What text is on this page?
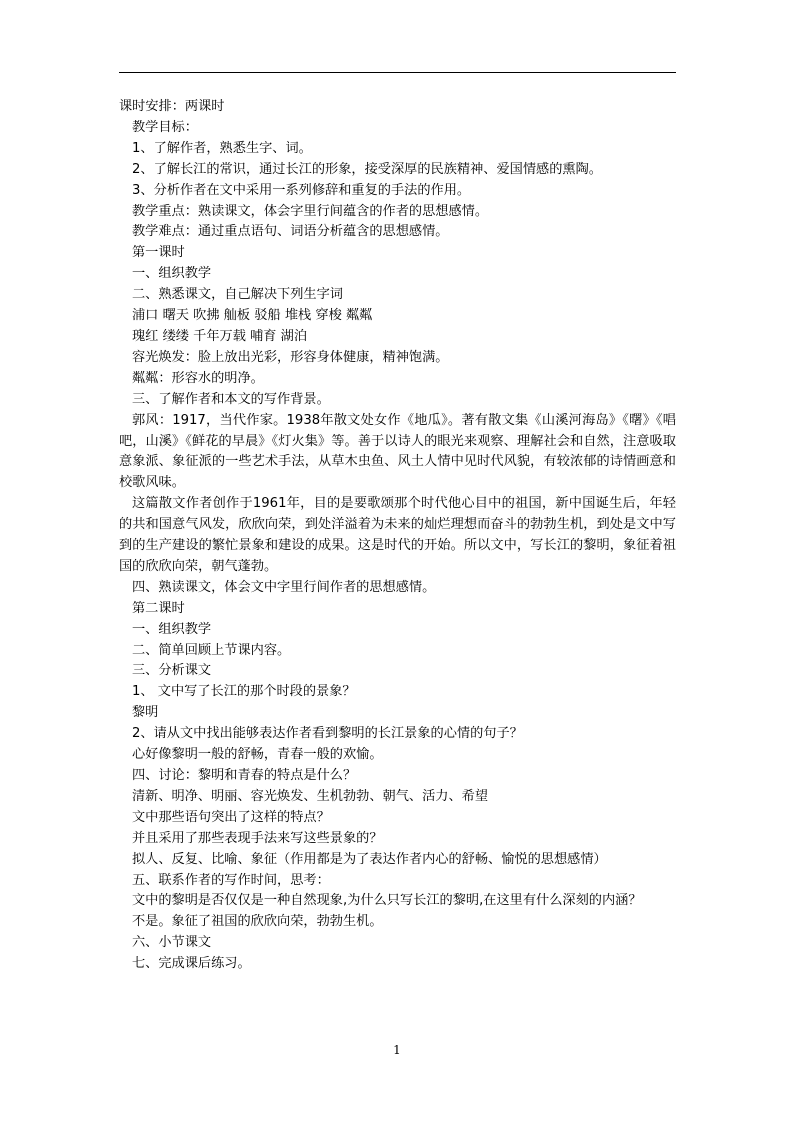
课时安排：两课时
教学目标：
1、了解作者，熟悉生字、词。
2、了解长江的常识，通过长江的形象，接受深厚的民族精神、爱国情感的熏陶。
3、分析作者在文中采用一系列修辞和重复的手法的作用。
教学重点：熟读课文，体会字里行间蕴含的作者的思想感情。
教学难点：通过重点语句、词语分析蕴含的思想感情。
第一课时
一、组织教学
二、熟悉课文，自己解决下列生字词
浦口 曙天 吹拂 舢板 驳船 堆栈 穿梭 粼粼
瑰红 缕缕 千年万载 哺育 湖泊
容光焕发：脸上放出光彩，形容身体健康，精神饱满。
粼粼：形容水的明净。
三、了解作者和本文的写作背景。
郭风：1917，当代作家。1938年散文处女作《地瓜》。著有散文集《山溪河海岛》《曙》《唱吧，山溪》《鲜花的早晨》《灯火集》等。善于以诗人的眼光来观察、理解社会和自然，注意吸取意象派、象征派的一些艺术手法，从草木虫鱼、风土人情中见时代风貌，有较浓郁的诗情画意和校歌风味。
这篇散文作者创作于1961年，目的是要歌颂那个时代他心目中的祖国，新中国诞生后，年轻的共和国意气风发，欣欣向荣，到处洋溢着为未来的灿烂理想而奋斗的勃勃生机，到处是文中写到的生产建设的繁忙景象和建设的成果。这是时代的开始。所以文中，写长江的黎明，象征着祖国的欣欣向荣，朝气蓬勃。
四、熟读课文，体会文中字里行间作者的思想感情。
第二课时
一、组织教学
二、简单回顾上节课内容。
三、分析课文
1、 文中写了长江的那个时段的景象？
黎明
2、请从文中找出能够表达作者看到黎明的长江景象的心情的句子？
心好像黎明一般的舒畅，青春一般的欢愉。
四、讨论：黎明和青春的特点是什么？
清新、明净、明丽、容光焕发、生机勃勃、朝气、活力、希望
文中那些语句突出了这样的特点？
并且采用了那些表现手法来写这些景象的？
拟人、反复、比喻、象征（作用都是为了表达作者内心的舒畅、愉悦的思想感情）
五、联系作者的写作时间，思考：
文中的黎明是否仅仅是一种自然现象,为什么只写长江的黎明,在这里有什么深刻的内涵？
不是。象征了祖国的欣欣向荣，勃勃生机。
六、小节课文
七、完成课后练习。
1
